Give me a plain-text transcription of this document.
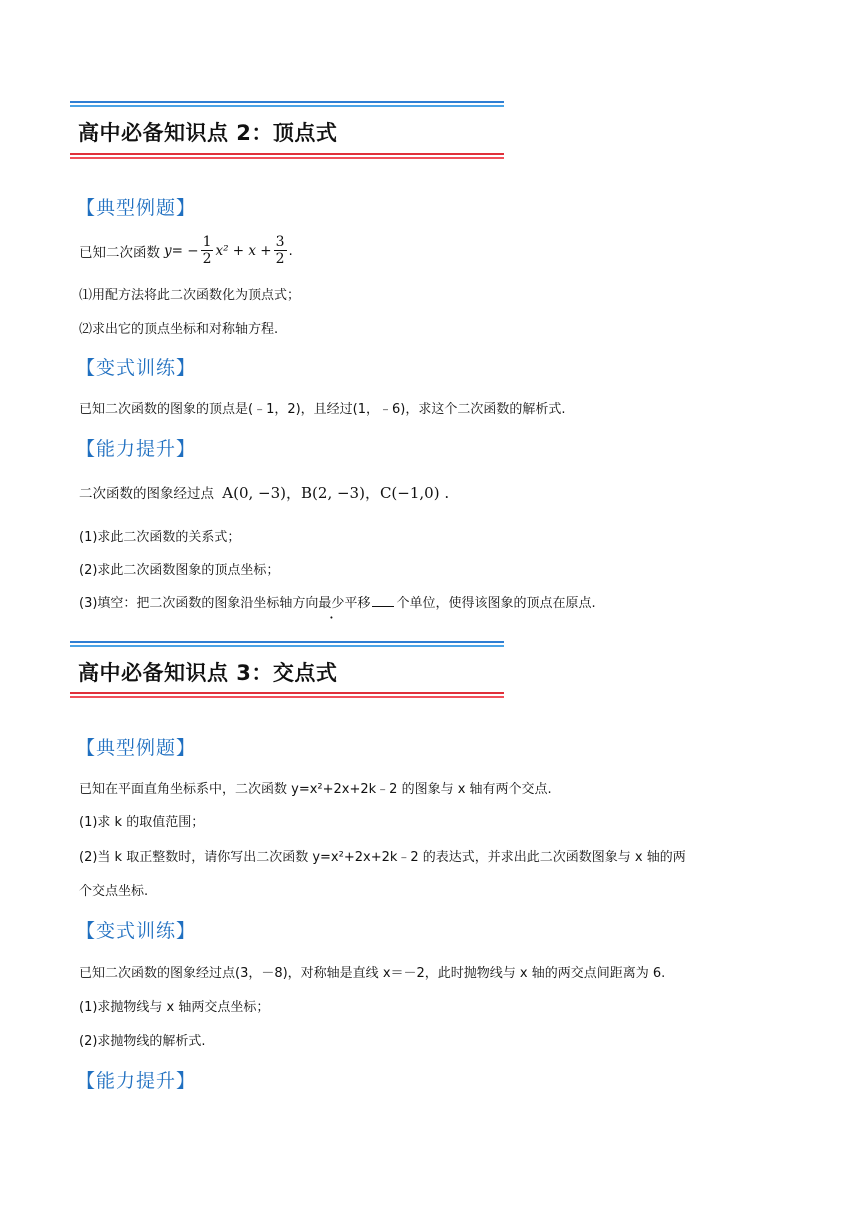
高中必备知识点 2：顶点式
【典型例题】
已知二次函数 y = − $\frac{1}{2} x^2 + x + \frac{3}{2}$ .
⑴用配方法将此二次函数化为顶点式；
⑵求出它的顶点坐标和对称轴方程.
【变式训练】
已知二次函数的图象的顶点是(﹣1，2)，且经过(1，﹣6)，求这个二次函数的解析式.
【能力提升】
二次函数的图象经过点 A(0, −3)，B(2, −3)，C(−1,0) .
(1)求此二次函数的关系式；
(2)求此二次函数图象的顶点坐标；
(3)填空：把二次函数的图象沿坐标轴方向最少平移 个单位，使得该图象的顶点在原点.
高中必备知识点 3：交点式
【典型例题】
已知在平面直角坐标系中，二次函数 y=x²+2x+2k﹣2 的图象与 x 轴有两个交点.
(1)求 k 的取值范围；
(2)当 k 取正整数时，请你写出二次函数 y=x²+2x+2k﹣2 的表达式，并求出此二次函数图象与 x 轴的两
个交点坐标.
【变式训练】
已知二次函数的图象经过点(3，－8)，对称轴是直线 x＝－2，此时抛物线与 x 轴的两交点间距离为 6.
(1)求抛物线与 x 轴两交点坐标；
(2)求抛物线的解析式.
【能力提升】
